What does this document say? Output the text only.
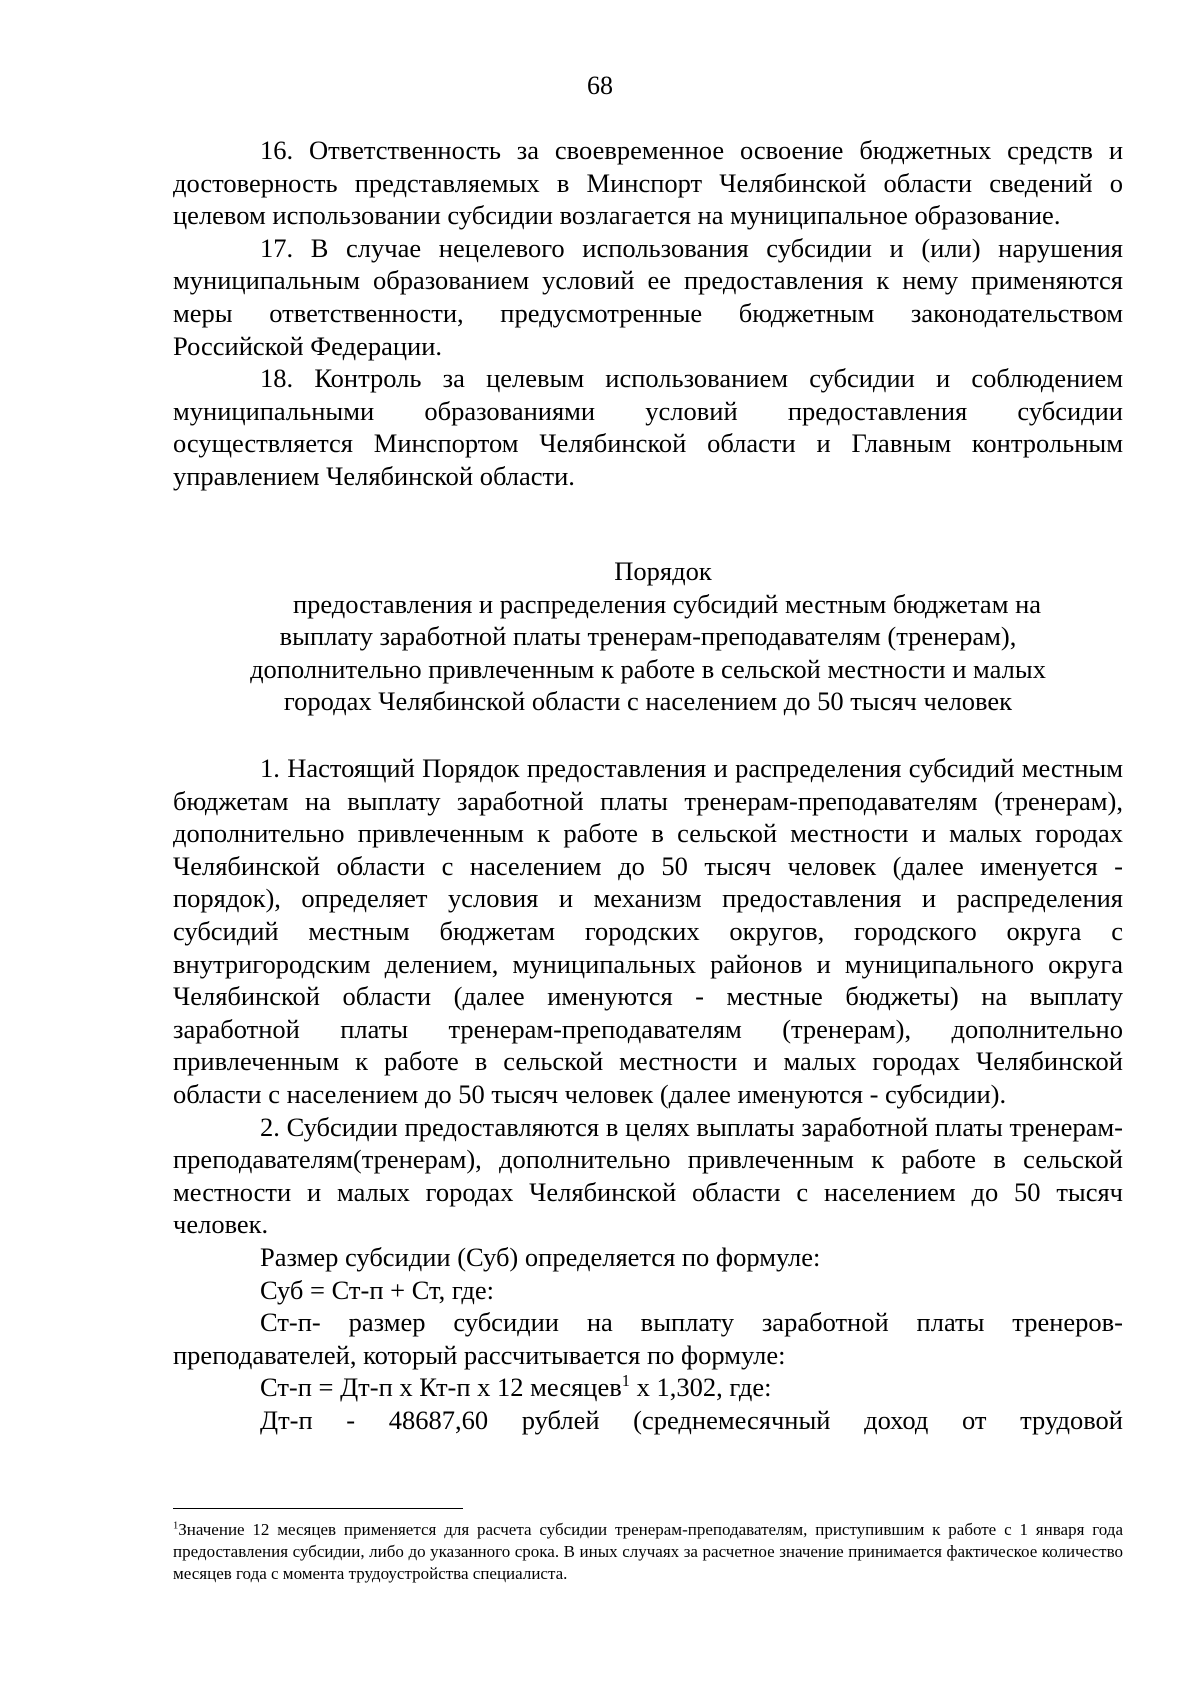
68

16. Ответственность за своевременное освоение бюджетных средств и достоверность представляемых в Минспорт Челябинской области сведений о целевом использовании субсидии возлагается на муниципальное образование.

17. В случае нецелевого использования субсидии и (или) нарушения муниципальным образованием условий ее предоставления к нему применяются меры ответственности, предусмотренные бюджетным законодательством Российской Федерации.

18. Контроль за целевым использованием субсидии и соблюдением муниципальными образованиями условий предоставления субсидии осуществляется Минспортом Челябинской области и Главным контрольным управлением Челябинской области.

Порядок
предоставления и распределения субсидий местным бюджетам на
выплату заработной платы тренерам-преподавателям (тренерам),
дополнительно привлеченным к работе в сельской местности и малых
городах Челябинской области с населением до 50 тысяч человек

1. Настоящий Порядок предоставления и распределения субсидий местным бюджетам на выплату заработной платы тренерам-преподавателям (тренерам), дополнительно привлеченным к работе в сельской местности и малых городах Челябинской области с населением до 50 тысяч человек (далее именуется - порядок), определяет условия и механизм предоставления и распределения субсидий местным бюджетам городских округов, городского округа с внутригородским делением, муниципальных районов и муниципального округа Челябинской области (далее именуются - местные бюджеты) на выплату заработной платы тренерам-преподавателям (тренерам), дополнительно привлеченным к работе в сельской местности и малых городах Челябинской области с населением до 50 тысяч человек (далее именуются - субсидии).

2. Субсидии предоставляются в целях выплаты заработной платы тренерам-преподавателям(тренерам), дополнительно привлеченным к работе в сельской местности и малых городах Челябинской области с населением до 50 тысяч человек.

Размер субсидии (Суб) определяется по формуле:

Суб = Ст-п + Ст, где:

Ст-п- размер субсидии на выплату заработной платы тренеров-преподавателей, который рассчитывается по формуле:

Ст-п = Дт-п х Кт-п х 12 месяцев$^1$ х 1,302, где:

Дт-п - 48687,60 рублей (среднемесячный доход от трудовой

$^1$Значение 12 месяцев применяется для расчета субсидии тренерам-преподавателям, приступившим к работе с 1 января года предоставления субсидии, либо до указанного срока. В иных случаях за расчетное значение принимается фактическое количество месяцев года с момента трудоустройства специалиста.
